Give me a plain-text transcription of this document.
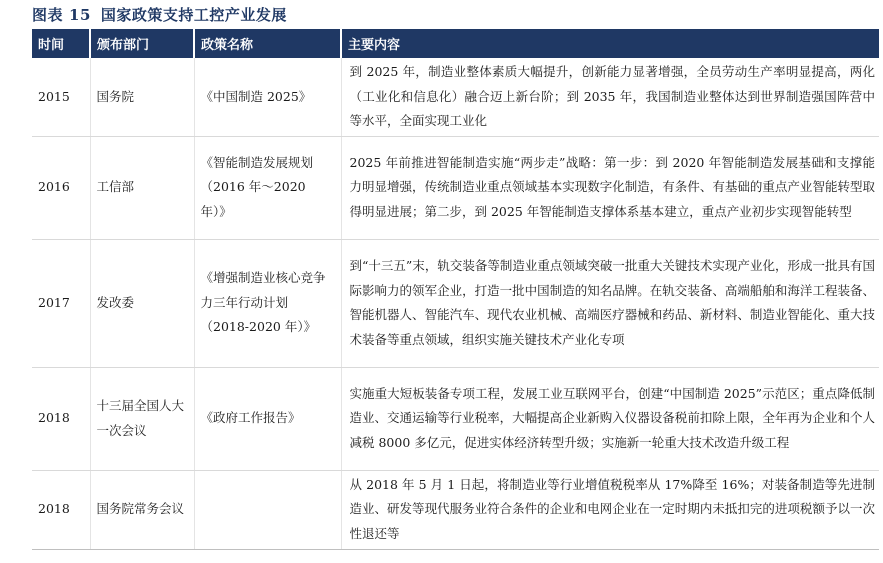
图表 15 国家政策支持工控产业发展
时间	颁布部门	政策名称	主要内容
2015	国务院	《中国制造 2025》	到 2025 年，制造业整体素质大幅提升，创新能力显著增强，全员劳动生产率明显提高，两化（工业化和信息化）融合迈上新台阶；到 2035 年，我国制造业整体达到世界制造强国阵营中等水平，全面实现工业化
2016	工信部	《智能制造发展规划（2016 年～2020 年）》	2025 年前推进智能制造实施“两步走”战略：第一步：到 2020 年智能制造发展基础和支撑能力明显增强，传统制造业重点领域基本实现数字化制造，有条件、有基础的重点产业智能转型取得明显进展；第二步，到 2025 年智能制造支撑体系基本建立，重点产业初步实现智能转型
2017	发改委	《增强制造业核心竞争力三年行动计划（2018-2020 年）》	到“十三五”末，轨交装备等制造业重点领域突破一批重大关键技术实现产业化，形成一批具有国际影响力的领军企业，打造一批中国制造的知名品牌。在轨交装备、高端船舶和海洋工程装备、智能机器人、智能汽车、现代农业机械、高端医疗器械和药品、新材料、制造业智能化、重大技术装备等重点领域，组织实施关键技术产业化专项
2018	十三届全国人大一次会议	《政府工作报告》	实施重大短板装备专项工程，发展工业互联网平台，创建“中国制造 2025”示范区；重点降低制造业、交通运输等行业税率，大幅提高企业新购入仪器设备税前扣除上限，全年再为企业和个人减税 8000 多亿元，促进实体经济转型升级；实施新一轮重大技术改造升级工程
2018	国务院常务会议		从 2018 年 5 月 1 日起，将制造业等行业增值税税率从 17%降至 16%；对装备制造等先进制造业、研发等现代服务业符合条件的企业和电网企业在一定时期内未抵扣完的进项税额予以一次性退还等
